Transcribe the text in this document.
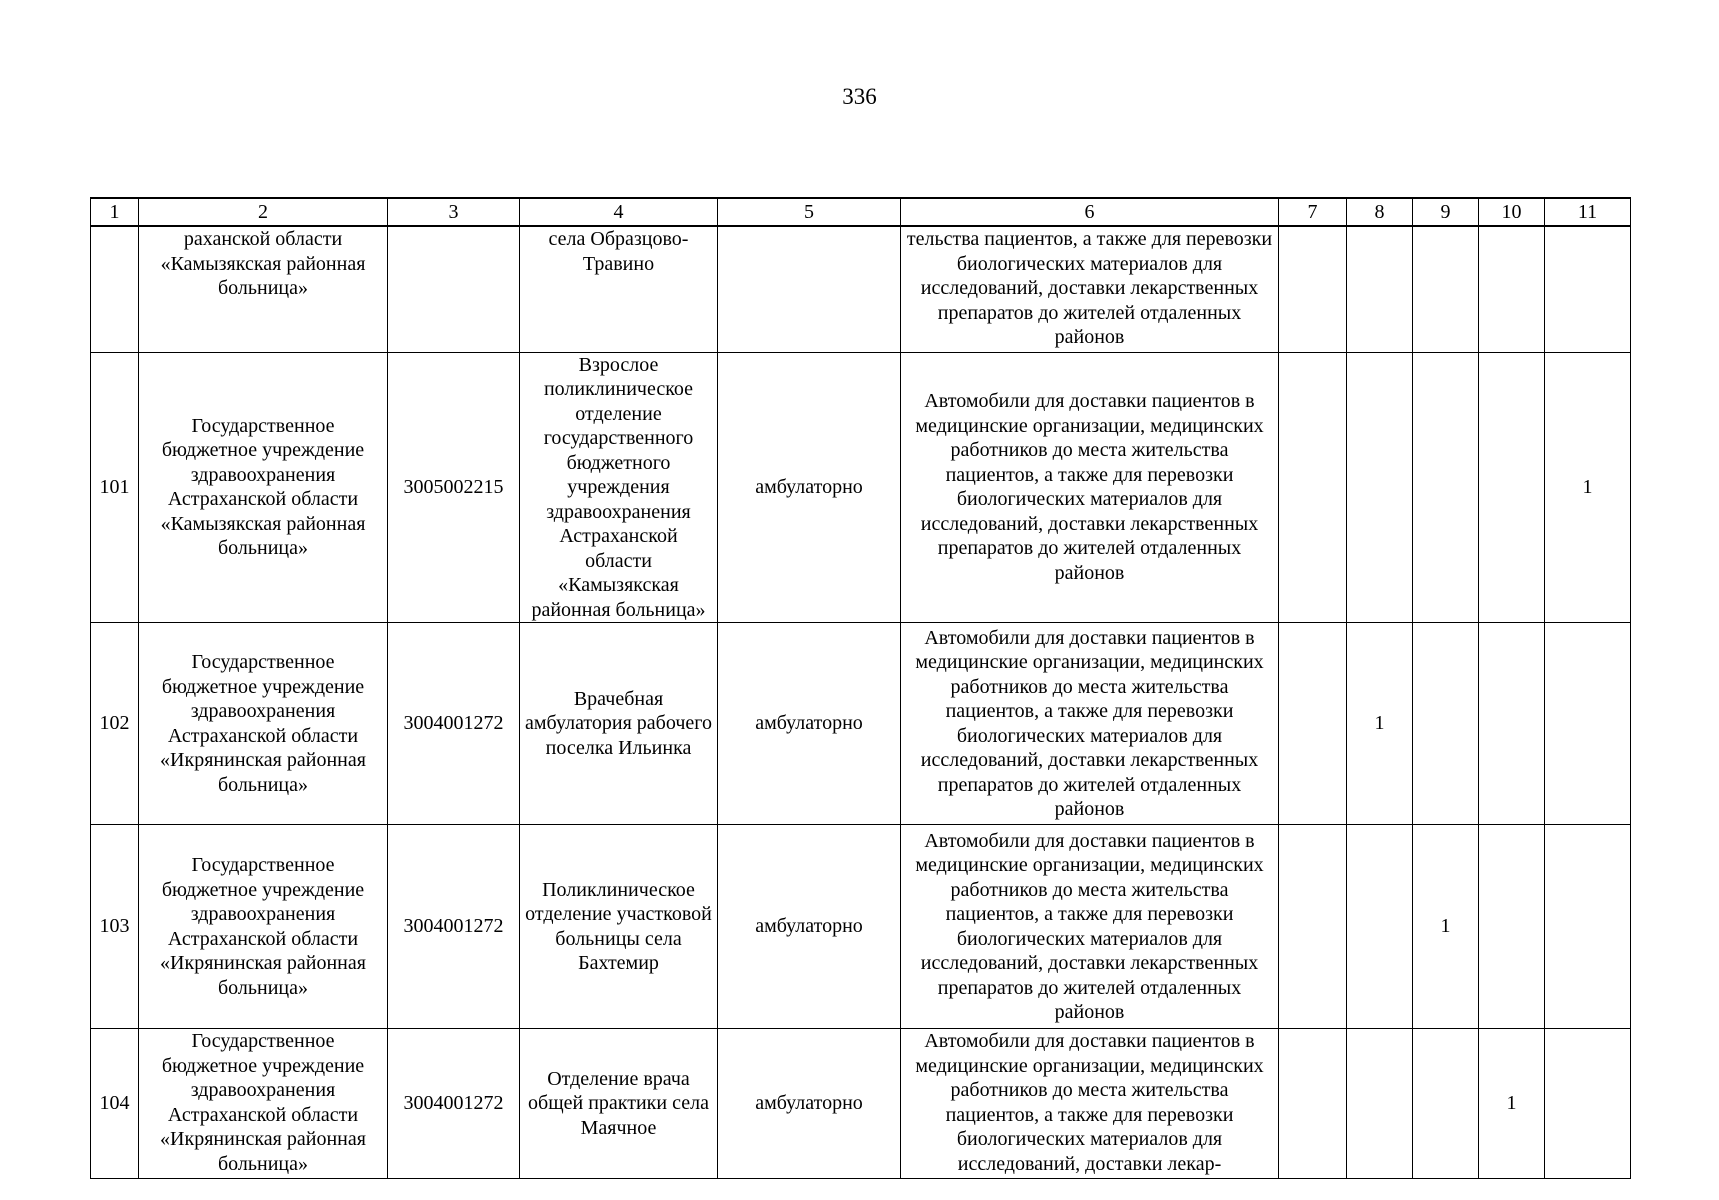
336
1	2	3	4	5	6	7	8	9	10	11
	раханской области «Камызякская районная больница»		села Образцово-Травино		тельства пациентов, а также для перевозки биологических материалов для исследований, доставки лекарственных препаратов до жителей отдаленных районов					
101	Государственное бюджетное учреждение здравоохранения Астраханской области «Камызякская районная больница»	3005002215	Взрослое поликлиническое отделение государственного бюджетного учреждения здравоохранения Астраханской области «Камызякская районная больница»	амбулаторно	Автомобили для доставки пациентов в медицинские организации, медицинских работников до места жительства пациентов, а также для перевозки биологических материалов для исследований, доставки лекарственных препаратов до жителей отдаленных районов					1
102	Государственное бюджетное учреждение здравоохранения Астраханской области «Икрянинская районная больница»	3004001272	Врачебная амбулатория рабочего поселка Ильинка	амбулаторно	Автомобили для доставки пациентов в медицинские организации, медицинских работников до места жительства пациентов, а также для перевозки биологических материалов для исследований, доставки лекарственных препаратов до жителей отдаленных районов		1			
103	Государственное бюджетное учреждение здравоохранения Астраханской области «Икрянинская районная больница»	3004001272	Поликлиническое отделение участковой больницы села Бахтемир	амбулаторно	Автомобили для доставки пациентов в медицинские организации, медицинских работников до места жительства пациентов, а также для перевозки биологических материалов для исследований, доставки лекарственных препаратов до жителей отдаленных районов			1		
104	Государственное бюджетное учреждение здравоохранения Астраханской области «Икрянинская районная больница»	3004001272	Отделение врача общей практики села Маячное	амбулаторно	Автомобили для доставки пациентов в медицинские организации, медицинских работников до места жительства пациентов, а также для перевозки биологических материалов для исследований, доставки лекар-				1	
